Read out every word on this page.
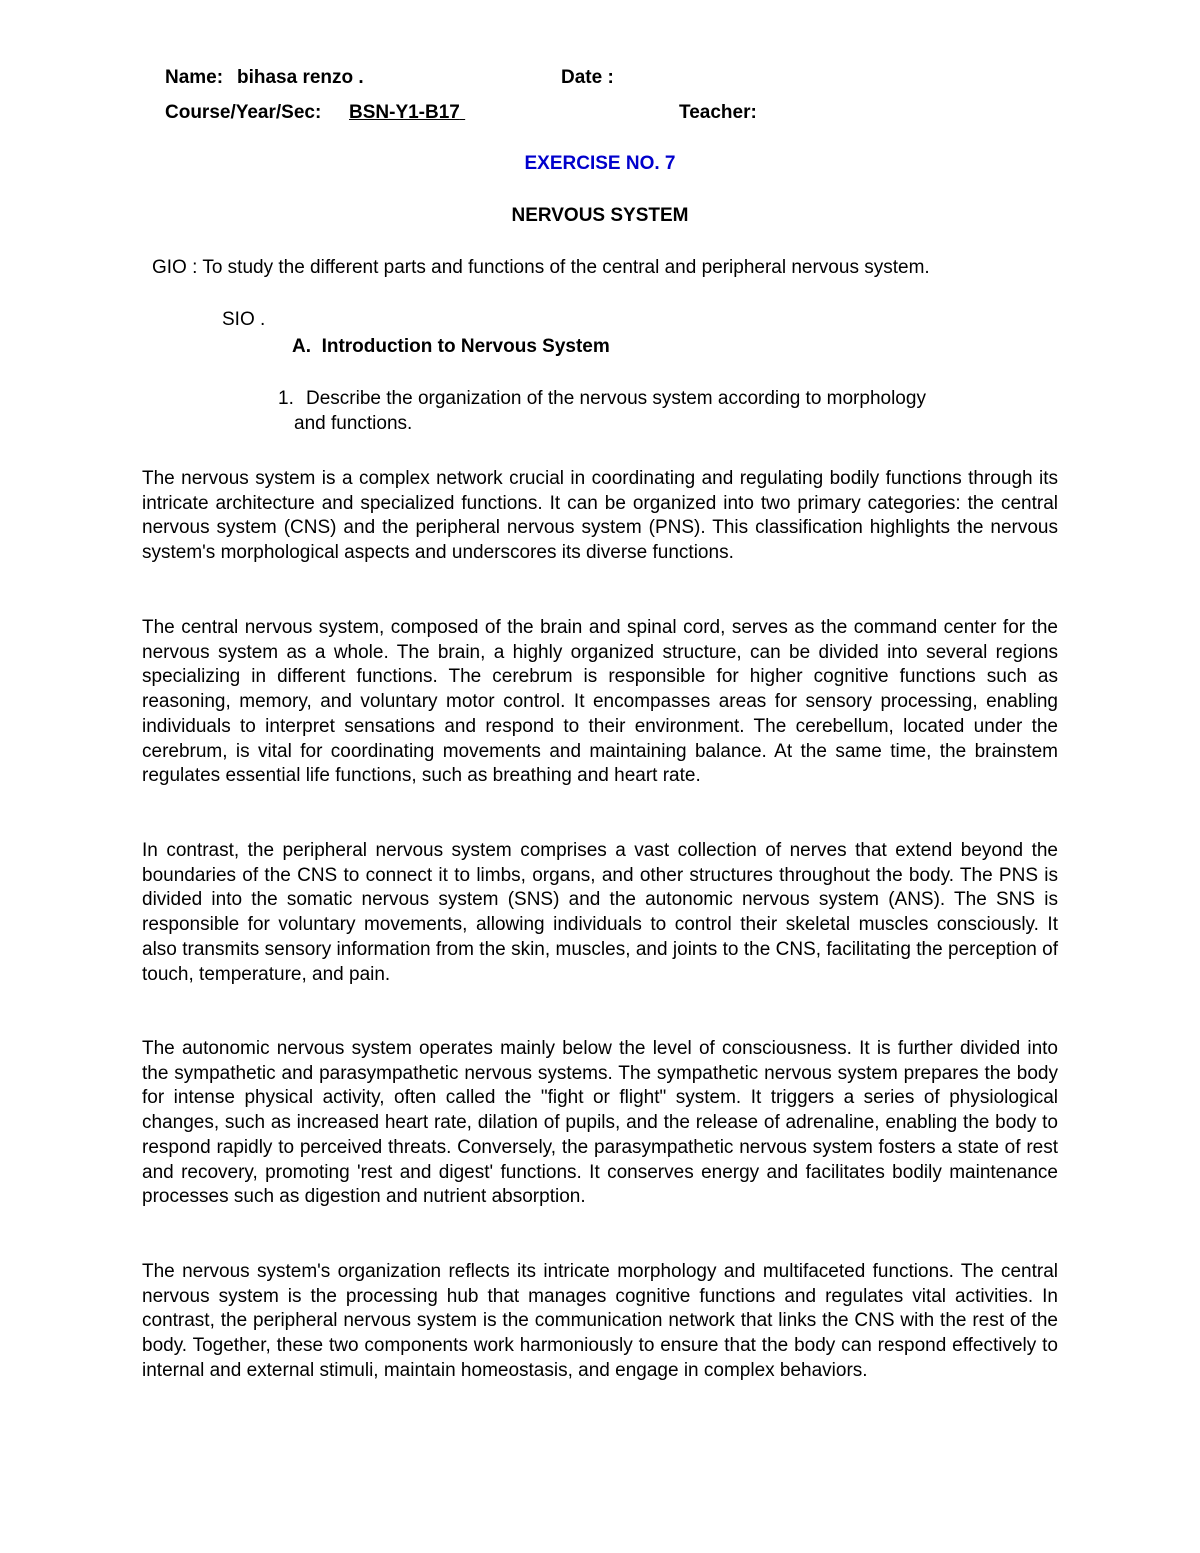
Name: bihasa renzo .	Date :
Course/Year/Sec: BSN-Y1-B17	Teacher:
EXERCISE NO. 7
NERVOUS SYSTEM
GIO : To study the different parts and functions of the central and peripheral nervous system.
SIO .
A. Introduction to Nervous System
1. Describe the organization of the nervous system according to morphology
and functions.

The nervous system is a complex network crucial in coordinating and regulating bodily functions through its intricate architecture and specialized functions. It can be organized into two primary categories: the central nervous system (CNS) and the peripheral nervous system (PNS). This classification highlights the nervous system's morphological aspects and underscores its diverse functions.

The central nervous system, composed of the brain and spinal cord, serves as the command center for the nervous system as a whole. The brain, a highly organized structure, can be divided into several regions specializing in different functions. The cerebrum is responsible for higher cognitive functions such as reasoning, memory, and voluntary motor control. It encompasses areas for sensory processing, enabling individuals to interpret sensations and respond to their environment. The cerebellum, located under the cerebrum, is vital for coordinating movements and maintaining balance. At the same time, the brainstem regulates essential life functions, such as breathing and heart rate.

In contrast, the peripheral nervous system comprises a vast collection of nerves that extend beyond the boundaries of the CNS to connect it to limbs, organs, and other structures throughout the body. The PNS is divided into the somatic nervous system (SNS) and the autonomic nervous system (ANS). The SNS is responsible for voluntary movements, allowing individuals to control their skeletal muscles consciously. It also transmits sensory information from the skin, muscles, and joints to the CNS, facilitating the perception of touch, temperature, and pain.

The autonomic nervous system operates mainly below the level of consciousness. It is further divided into the sympathetic and parasympathetic nervous systems. The sympathetic nervous system prepares the body for intense physical activity, often called the "fight or flight" system. It triggers a series of physiological changes, such as increased heart rate, dilation of pupils, and the release of adrenaline, enabling the body to respond rapidly to perceived threats. Conversely, the parasympathetic nervous system fosters a state of rest and recovery, promoting 'rest and digest' functions. It conserves energy and facilitates bodily maintenance processes such as digestion and nutrient absorption.

The nervous system's organization reflects its intricate morphology and multifaceted functions. The central nervous system is the processing hub that manages cognitive functions and regulates vital activities. In contrast, the peripheral nervous system is the communication network that links the CNS with the rest of the body. Together, these two components work harmoniously to ensure that the body can respond effectively to internal and external stimuli, maintain homeostasis, and engage in complex behaviors.
